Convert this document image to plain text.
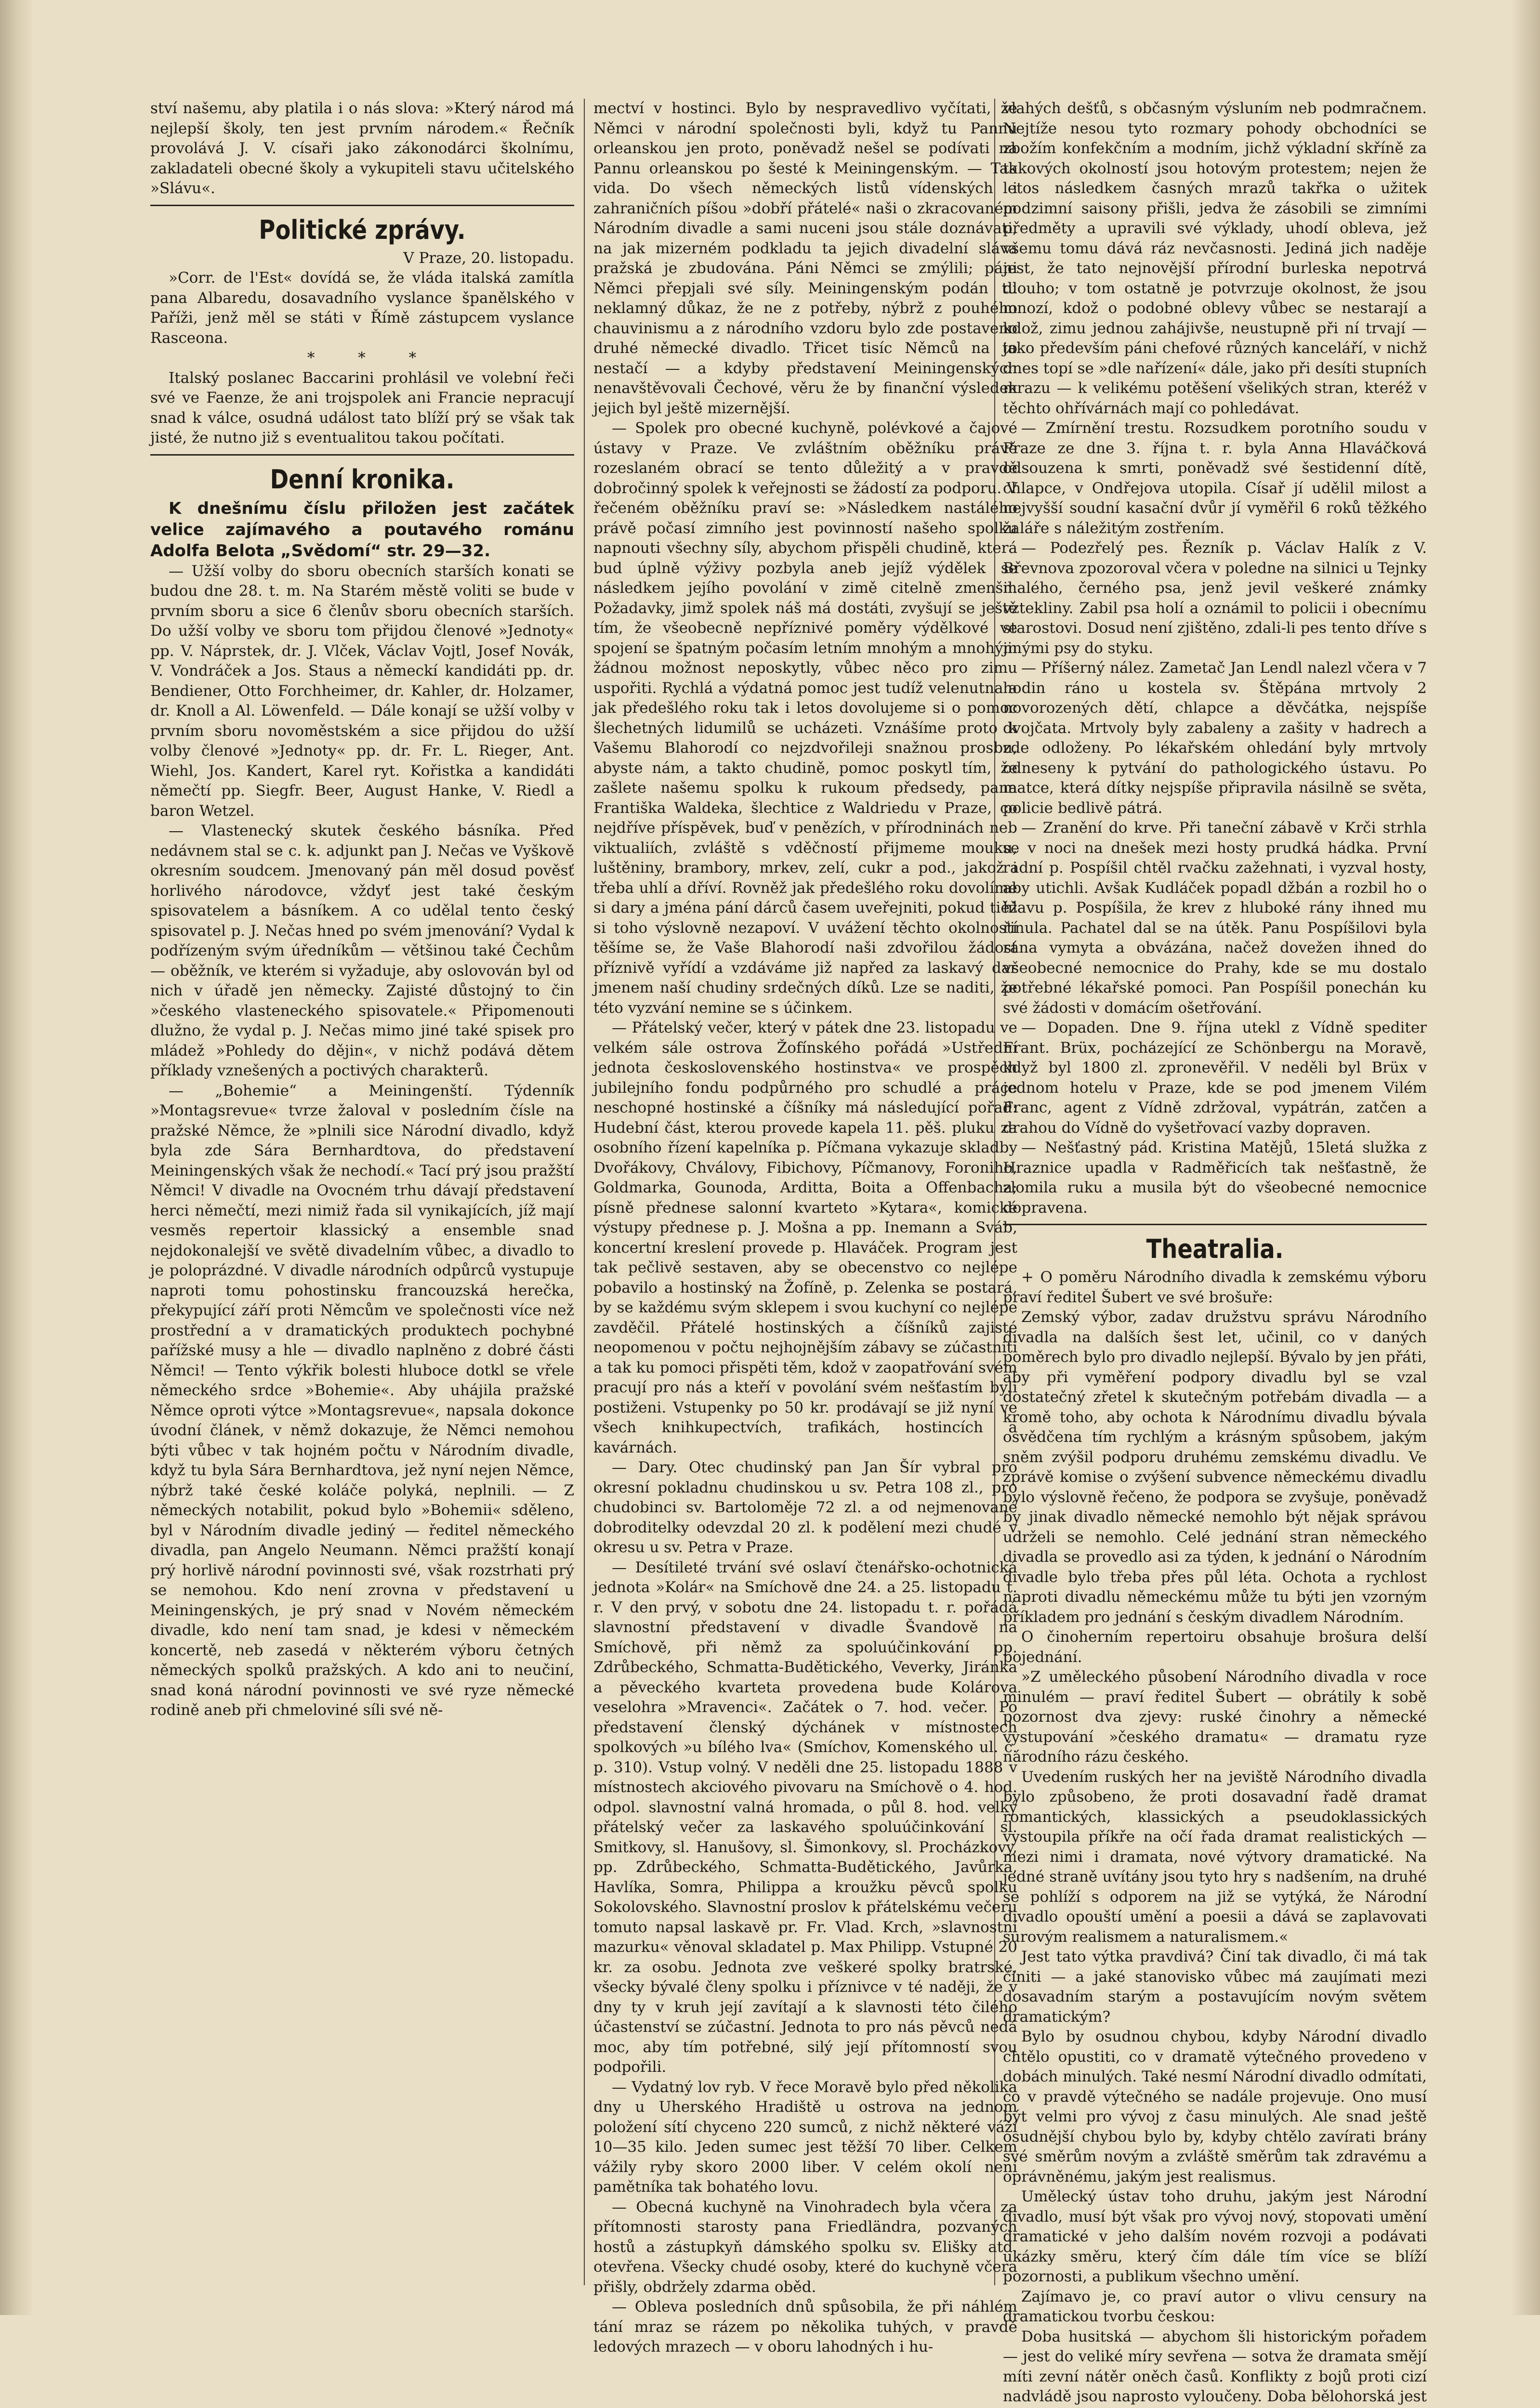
ství našemu, aby platila i o nás slova: »Který národ má nejlepší školy, ten jest prvním národem.« Řečník provolává J. V. císaři jako zákonodárci školnímu, zakladateli obecné školy a vykupiteli stavu učitelského »Slávu«.

Politické zprávy.

V Praze, 20. listopadu.

»Corr. de l'Est« dovídá se, že vláda italská zamítla pana Albaredu, dosavadního vyslance španělského v Paříži, jenž měl se státi v Římě zástupcem vyslance Rasceona.

* * *

Italský poslanec Baccarini prohlásil ve volební řeči své ve Faenze, že ani trojspolek ani Francie nepracují snad k válce, osudná událost tato blíží prý se však tak jisté, že nutno již s eventualitou takou počítati.

Denní kronika.

K dnešnímu číslu přiložen jest začátek velice zajímavého a poutavého románu Adolfa Belota „Svědomí“ str. 29—32.

— Užší volby do sboru obecních starších konati se budou dne 28. t. m. Na Starém městě voliti se bude v prvním sboru a sice 6 členův sboru obecních starších. Do užší volby ve sboru tom přijdou členové »Jednoty« pp. V. Náprstek, dr. J. Vlček, Václav Vojtl, Josef Novák, V. Vondráček a Jos. Staus a německí kandidáti pp. dr. Bendiener, Otto Forchheimer, dr. Kahler, dr. Holzamer, dr. Knoll a Al. Löwenfeld. — Dále konají se užší volby v prvním sboru novoměstském a sice přijdou do užší volby členové »Jednoty« pp. dr. Fr. L. Rieger, Ant. Wiehl, Jos. Kandert, Karel ryt. Kořistka a kandidáti němečtí pp. Siegfr. Beer, August Hanke, V. Riedl a baron Wetzel.

— Vlastenecký skutek českého básníka. Před nedávnem stal se c. k. adjunkt pan J. Nečas ve Vyškově okresním soudcem. Jmenovaný pán měl dosud pověsť horlivého národovce, vždyť jest také českým spisovatelem a básníkem. A co udělal tento český spisovatel p. J. Nečas hned po svém jmenování? Vydal k podřízeným svým úředníkům — většinou také Čechům — oběžník, ve kterém si vyžaduje, aby oslovován byl od nich v úřadě jen německy. Zajisté důstojný to čin »českého vlasteneckého spisovatele.« Připomenouti dlužno, že vydal p. J. Nečas mimo jiné také spisek pro mládež »Pohledy do dějin«, v nichž podává dětem příklady vznešených a poctivých charakterů.

— „Bohemie“ a Meiningenští. Týdenník »Montagsrevue« tvrze žaloval v posledním čísle na pražské Němce, že »plnili sice Národní divadlo, když byla zde Sára Bernhardtova, do představení Meiningenských však že nechodí.« Tací prý jsou pražští Němci! V divadle na Ovocném trhu dávají představení herci němečtí, mezi nimiž řada sil vynikajících, jíž mají vesměs repertoir klassický a ensemble snad nejdokonalejší ve světě divadelním vůbec, a divadlo to je poloprázdné. V divadle národních odpůrců vystupuje naproti tomu pohostinsku francouzská herečka, překypující září proti Němcům ve společnosti více než prostřední a v dramatických produktech pochybné pařížské musy a hle — divadlo naplněno z dobré části Němci! — Tento výkřik bolesti hluboce dotkl se vřele německého srdce »Bohemie«. Aby uhájila pražské Němce oproti výtce »Montagsrevue«, napsala dokonce úvodní článek, v němž dokazuje, že Němci nemohou býti vůbec v tak hojném počtu v Národním divadle, když tu byla Sára Bernhardtova, jež nyní nejen Němce, nýbrž také české koláče polyká, neplnili. — Z německých notabilit, pokud bylo »Bohemii« sděleno, byl v Národním divadle jediný — ředitel německého divadla, pan Angelo Neumann. Němci pražští konají prý horlivě národní povinnosti své, však rozstrhati prý se nemohou. Kdo není zrovna v představení u Meiningenských, je prý snad v Novém německém divadle, kdo není tam snad, je kdesi v německém koncertě, neb zasedá v některém výboru četných německých spolků pražských. A kdo ani to neučiní, snad koná národní povinnosti ve své ryze německé rodině aneb při chmeloviné síli své ně-

mectví v hostinci. Bylo by nespravedlivo vyčítati, že Němci v národní společnosti byli, když tu Pannu orleanskou jen proto, poněvadž nešel se podívati na Pannu orleanskou po šesté k Meiningenským. — Tak vida. Do všech německých listů vídenských i zahraničních píšou »dobří přátelé« naši o zkracovaném Národním divadle a sami nuceni jsou stále doznávati, na jak mizerném podkladu ta jejich divadelní sláva pražská je zbudována. Páni Němci se zmýlili; páni Němci přepjali své síly. Meiningenským podán tu neklamný důkaz, že ne z potřeby, nýbrž z pouhého chauvinismu a z národního vzdoru bylo zde postaveno druhé německé divadlo. Třicet tisíc Němců na to nestačí — a kdyby představení Meiningenských nenavštěvovali Čechové, věru že by finanční výsledek jejich byl ještě mizernější.

— Spolek pro obecné kuchyně, polévkové a čajové ústavy v Praze. Ve zvláštním oběžníku právě rozeslaném obrací se tento důležitý a v pravdě dobročinný spolek k veřejnosti se žádostí za podporu. V řečeném oběžníku praví se: »Následkem nastálého právě počasí zimního jest povinností našeho spolku napnouti všechny síly, abychom přispěli chudině, která bud úplně výživy pozbyla aneb jejíž výdělek se následkem jejího povolání v zimě citelně zmenšil. Požadavky, jimž spolek náš má dostáti, zvyšují se ještě tím, že všeobecně nepříznivé poměry výdělkové ve spojení se špatným počasím letním mnohým a mnohým žádnou možnost neposkytly, vůbec něco pro zimu uspořiti. Rychlá a výdatná pomoc jest tudíž velenutna a jak předešlého roku tak i letos dovolujeme si o pomoc šlechetných lidumilů se ucházeti. Vznášíme proto k Vašemu Blahorodí co nejzdvořileji snažnou prosbu, abyste nám, a takto chudině, pomoc poskytl tím, že zašlete našemu spolku k rukoum předsedy, pana Františka Waldeka, šlechtice z Waldriedu v Praze, co nejdříve příspěvek, buď v penězích, v přírodninách neb viktualiích, zvláště s vděčností přijmeme mouku, luštěniny, brambory, mrkev, zelí, cukr a pod., jakož i třeba uhlí a dříví. Rovněž jak předešlého roku dovolíme si dary a jména pání dárců časem uveřejniti, pokud tiěž si toho výslovně nezapoví. V uvážení těchto okolností těšíme se, že Vaše Blahorodí naši zdvořilou žádost příznivě vyřídí a vzdáváme již napřed za laskavý dar jmenem naší chudiny srdečných díků. Lze se naditi, že této vyzvání nemine se s účinkem.

— Přátelský večer, který v pátek dne 23. listopadu ve velkém sále ostrova Žofínského pořádá »Ustřední jednota československého hostinstva« ve prospěch jubilejního fondu podpůrného pro schudlé a práce neschopné hostinské a číšníky má následující pořad: Hudební část, kterou provede kapela 11. pěš. pluku za osobního řízení kapelníka p. Píčmana vykazuje skladby Dvořákovy, Chválovy, Fibichovy, Píčmanovy, Foroniho, Goldmarka, Gounoda, Arditta, Boita a Offenbacha; písně přednese salonní kvarteto »Kytara«, komické výstupy přednese p. J. Mošna a pp. Inemann a Sváb, koncertní kreslení provede p. Hlaváček. Program jest tak pečlivě sestaven, aby se obecenstvo co nejlépe pobavilo a hostinský na Žofíně, p. Zelenka se postará, by se každému svým sklepem i svou kuchyní co nejlépe zavděčil. Přátelé hostinských a číšníků zajisté neopomenou v počtu nejhojnějším zábavy se zúčastniti a tak ku pomoci přispěti těm, kdož v zaopatřování svém pracují pro nás a kteří v povolání svém nešťastím byli postiženi. Vstupenky po 50 kr. prodávají se již nyní ve všech knihkupectvích, trafikách, hostincích a kavárnách.

— Dary. Otec chudinský pan Jan Šír vybral pro okresní pokladnu chudinskou u sv. Petra 108 zl., pro chudobinci sv. Bartoloměje 72 zl. a od nejmenované dobroditelky odevzdal 20 zl. k podělení mezi chudé v okresu u sv. Petra v Praze.

— Desítileté trvání své oslaví čtenářsko-ochotnická jednota »Kolár« na Smíchově dne 24. a 25. listopadu t. r. V den prvý, v sobotu dne 24. listopadu t. r. pořádá slavnostní představení v divadle Švandově na Smíchově, při němž za spoluúčinkování pp. Zdrůbeckého, Schmatta-Budětického, Veverky, Jiránka a pěveckého kvarteta provedena bude Kolárova veselohra »Mravenci«. Začátek o 7. hod. večer. Po představení členský dýchánek v místnostech spolkových »u bílého lva« (Smíchov, Komenského ul. č. p. 310). Vstup volný. V neděli dne 25. listopadu 1888 v místnostech akciového pivovaru na Smíchově o 4. hod. odpol. slavnostní valná hromada, o půl 8. hod. velký přátelský večer za laskavého spoluúčinkování sl. Smitkovy, sl. Hanušovy, sl. Šimonkovy, sl. Procházkovy, pp. Zdrůbeckého, Schmatta-Budětického, Javůrka, Havlíka, Somra, Philippa a kroužku pěvců spolku Sokolovského. Slavnostní proslov k přátelskému večeru tomuto napsal laskavě pr. Fr. Vlad. Krch, »slavnostní mazurku« věnoval skladatel p. Max Philipp. Vstupné 20 kr. za osobu. Jednota zve veškeré spolky bratrské, všecky bývalé členy spolku i příznivce v té naději, že v dny ty v kruh její zavítají a k slavnosti této čilého účastenství se zúčastní. Jednota to pro nás pěvců nedá moc, aby tím potřebné, silý její přítomností svou podpořili.

— Vydatný lov ryb. V řece Moravě bylo před několika dny u Uherského Hradiště u ostrova na jednom položení sítí chyceno 220 sumců, z nichž některé váží 10—35 kilo. Jeden sumec jest těžší 70 liber. Celkem vážily ryby skoro 2000 liber. V celém okolí není pamětníka tak bohatého lovu.

— Obecná kuchyně na Vinohradech byla včera za přítomnosti starosty pana Friedländra, pozvaných hostů a zástupkyň dámského spolku sv. Elišky atd. otevřena. Všecky chudé osoby, které do kuchyně včera přišly, obdržely zdarma oběd.

— Obleva posledních dnů spůsobila, že při náhlém tání mraz se rázem po několika tuhých, v pravdě ledových mrazech — v oboru lahodných i hu-

vlahých dešťů, s občasným výsluním neb podmračnem. Nejtíže nesou tyto rozmary pohody obchodníci se zbožím konfekčním a modním, jichž výkladní skříně za takových okolností jsou hotovým protestem; nejen že letos následkem časných mrazů takřka o užitek podzimní saisony přišli, jedva že zásobili se zimními předměty a upravili své výklady, uhodí obleva, jež všemu tomu dává ráz nevčasnosti. Jediná jich naděje jest, že tato nejnovější přírodní burleska nepotrvá dlouho; v tom ostatně je potvrzuje okolnost, že jsou mnozí, kdož o podobné oblevy vůbec se nestarají a kdož, zimu jednou zahájivše, neustupně při ní trvají — jako především páni chefové různých kanceláří, v nichž dnes topí se »dle nařízení« dále, jako při desíti stupních mrazu — k velikému potěšení všelikých stran, kteréž v těchto ohřívárnách mají co pohledávat.

— Zmírnění trestu. Rozsudkem porotního soudu v Praze ze dne 3. října t. r. byla Anna Hlaváčková odsouzena k smrti, poněvadž své šestidenní dítě, chlapce, v Ondřejova utopila. Císař jí udělil milost a nejvyšší soudní kasační dvůr jí vyměřil 6 roků těžkého žaláře s náležitým zostřením.

— Podezřelý pes. Řezník p. Václav Halík z V. Břevnova zpozoroval včera v poledne na silnici u Tejnky malého, černého psa, jenž jevil veškeré známky vztekliny. Zabil psa holí a oznámil to policii i obecnímu starostovi. Dosud není zjištěno, zdali-li pes tento dříve s jinými psy do styku.

— Příšerný nález. Zametač Jan Lendl nalezl včera v 7 hodin ráno u kostela sv. Štěpána mrtvoly 2 novorozených dětí, chlapce a děvčátka, nejspíše dvojčata. Mrtvoly byly zabaleny a zašity v hadrech a zde odloženy. Po lékařském ohledání byly mrtvoly odneseny k pytvání do pathologického ústavu. Po matce, která dítky nejspíše připravila násilně se světa, policie bedlivě pátrá.

— Zranění do krve. Při taneční zábavě v Krči strhla se v noci na dnešek mezi hosty prudká hádka. První radní p. Pospíšil chtěl rvačku zažehnati, i vyzval hosty, aby utichli. Avšak Kudláček popadl džbán a rozbil ho o hlavu p. Pospíšila, že krev z hluboké rány ihned mu řinula. Pachatel dal se na útěk. Panu Pospíšilovi byla rána vymyta a obvázána, načež dovežen ihned do všeobecné nemocnice do Prahy, kde se mu dostalo potřebné lékařské pomoci. Pan Pospíšil ponechán ku své žádosti v domácím ošetřování.

— Dopaden. Dne 9. října utekl z Vídně spediter Frant. Brüx, pocházející ze Schönbergu na Moravě, když byl 1800 zl. zpronevěřil. V neděli byl Brüx v jednom hotelu v Praze, kde se pod jmenem Vilém Franc, agent z Vídně zdržoval, vypátrán, zatčen a drahou do Vídně do vyšetřovací vazby dopraven.

— Nešťastný pád. Kristina Matějů, 15letá služka z Hraznice upadla v Radměřicích tak nešťastně, že zlomila ruku a musila být do všeobecné nemocnice dopravena.

Theatralia.

+ O poměru Národního divadla k zemskému výboru praví ředitel Šubert ve své brošuře:

Zemský výbor, zadav družstvu správu Národního divadla na dalších šest let, učinil, co v daných poměrech bylo pro divadlo nejlepší. Bývalo by jen přáti, aby při vyměření podpory divadlu byl se vzal dostatečný zřetel k skutečným potřebám divadla — a kromě toho, aby ochota k Národnímu divadlu bývala osvědčena tím rychlým a krásným spůsobem, jakým sněm zvýšil podporu druhému zemskému divadlu. Ve zprávě komise o zvýšení subvence německému divadlu bylo výslovně řečeno, že podpora se zvyšuje, poněvadž by jinak divadlo německé nemohlo být nějak správou udrželi se nemohlo. Celé jednání stran německého divadla se provedlo asi za týden, k jednání o Národním divadle bylo třeba přes půl léta. Ochota a rychlost naproti divadlu německému může tu býti jen vzorným příkladem pro jednání s českým divadlem Národním.

O činoherním repertoiru obsahuje brošura delší pojednání.

»Z uměleckého působení Národního divadla v roce minulém — praví ředitel Šubert — obrátily k sobě pozornost dva zjevy: ruské činohry a německé vystupování »českého dramatu« — dramatu ryze národního rázu českého.

Uvedením ruských her na jeviště Národního divadla bylo způsobeno, že proti dosavadní řadě dramat romantických, klassických a pseudoklassických vystoupila příkře na očí řada dramat realistických — mezi nimi i dramata, nové výtvory dramatické. Na jedné straně uvítány jsou tyto hry s nadšením, na druhé se pohlíží s odporem na již se vytýká, že Národní divadlo opouští umění a poesii a dává se zaplavovati surovým realismem a naturalismem.«

Jest tato výtka pravdivá? Činí tak divadlo, či má tak činiti — a jaké stanovisko vůbec má zaujímati mezi dosavadním starým a postavujícím novým světem dramatickým?

Bylo by osudnou chybou, kdyby Národní divadlo chtělo opustiti, co v dramatě výtečného provedeno v dobách minulých. Také nesmí Národní divadlo odmítati, co v pravdě výtečného se nadále projevuje. Ono musí být velmi pro vývoj z času minulých. Ale snad ještě osudnější chybou bylo by, kdyby chtělo zavírati brány své směrům novým a zvláště směrům tak zdravému a oprávněnému, jakým jest realismus.

Umělecký ústav toho druhu, jakým jest Národní divadlo, musí být však pro vývoj nový, stopovati umění dramatické v jeho dalším novém rozvoji a podávati ukázky směru, který čím dále tím více se blíží pozornosti, a publikum všechno umění.

Zajímavo je, co praví autor o vlivu censury na dramatickou tvorbu českou:

Doba husitská — abychom šli historickým pořadem — jest do veliké míry sevřena — sotva že dramata smějí míti zevní nátěr oněch časů. Konflikty z bojů proti cizí nadvládě jsou naprosto vyloučeny. Doba bělohorská jest
